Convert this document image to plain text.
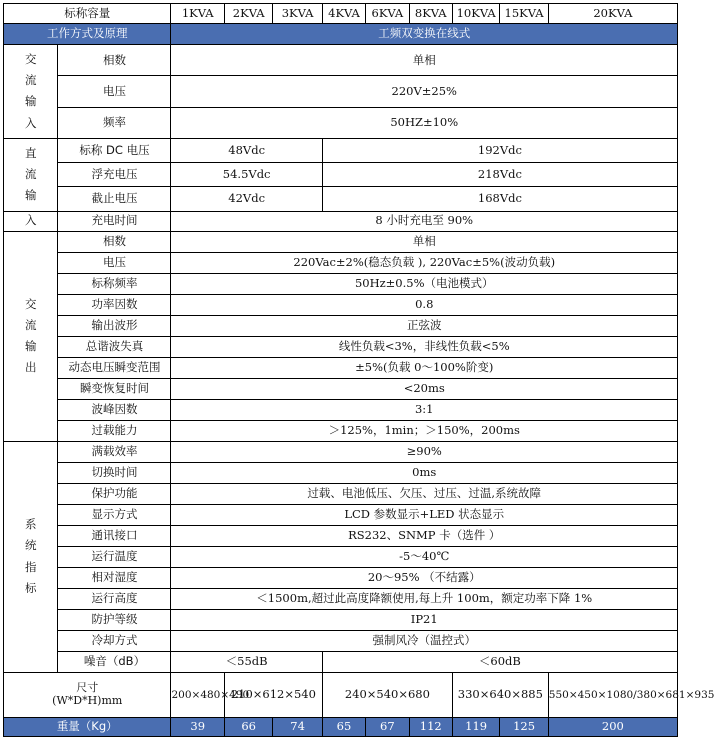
标称容量		1KVA	2KVA	3KVA	4KVA	6KVA	8KVA	10KVA	15KVA	20KVA
工作方式及原理		工频双变换在线式								

交
流
输
入	相数	单相								
	电压	220V±25%								
	频率	50HZ±10%								

直
流
输	标称 DC 电压	48Vdc			192Vdc					
	浮充电压	54.5Vdc			218Vdc					
	截止电压	42Vdc			168Vdc					
入	充电时间	8 小时充电至 90%								

交
流
输
出	相数	单相								
	电压	220Vac±2%(稳态负载 ), 220Vac±5%(波动负载)								
	标称频率	50Hz±0.5%（电池模式）								
	功率因数	0.8								
	输出波形	正弦波								
	总谐波失真	线性负载<3%，非线性负载<5%								
	动态电压瞬变范围	±5%(负载 0～100%阶变)								
	瞬变恢复时间	<20ms								
	波峰因数	3:1								
	过载能力	＞125%，1min；＞150%，200ms								

系
统
指
标	满载效率	≥90%								
	切换时间	0ms								
	保护功能	过载、电池低压、欠压、过压、过温,系统故障								
	显示方式	LCD 参数显示+LED 状态显示								
	通讯接口	RS232、SNMP 卡（选件 ）								
	运行温度	-5～40℃								
	相对湿度	20～95% （不结露）								
	运行高度	＜1500m,超过此高度降额使用,每上升 100m，额定功率下降 1%								
	防护等级	IP21								
	冷却方式	强制风冷（温控式）								
	噪音（dB）	＜55dB			＜60dB					

尺寸
(W*D*H)mm		200×480×490	210×612×540		240×540×680			330×640×885		550×450×1080/380×681×935
重量（Kg）		39	66	74	65	67	112	119	125	200
